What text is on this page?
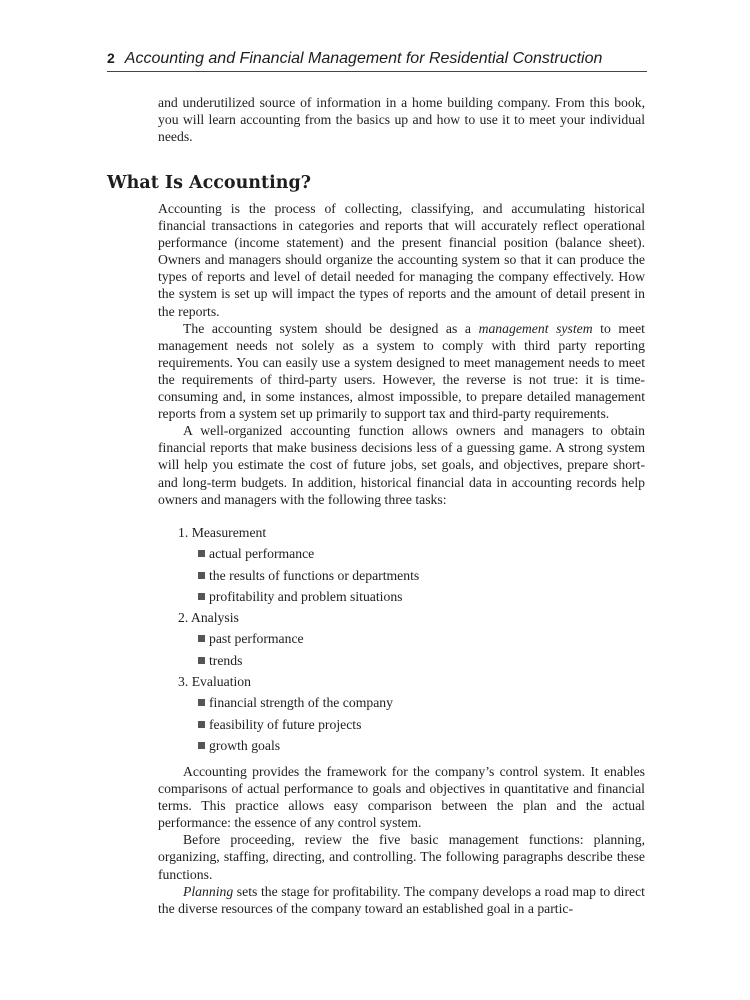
2 Accounting and Financial Management for Residential Construction

and underutilized source of information in a home building company. From this book, you will learn accounting from the basics up and how to use it to meet your individual needs.

What Is Accounting?

Accounting is the process of collecting, classifying, and accumulating historical financial transactions in categories and reports that will accurately reflect operational performance (income statement) and the present financial position (balance sheet). Owners and managers should organize the accounting system so that it can produce the types of reports and level of detail needed for managing the company effectively. How the system is set up will impact the types of reports and the amount of detail present in the reports.

The accounting system should be designed as a management system to meet management needs not solely as a system to comply with third party reporting requirements. You can easily use a system designed to meet management needs to meet the requirements of third-party users. However, the reverse is not true: it is time-consuming and, in some instances, almost impossible, to prepare detailed management reports from a system set up primarily to support tax and third-party requirements.

A well-organized accounting function allows owners and managers to obtain financial reports that make business decisions less of a guessing game. A strong system will help you estimate the cost of future jobs, set goals, and objectives, prepare short- and long-term budgets. In addition, historical financial data in accounting records help owners and managers with the following three tasks:

1. Measurement
actual performance
the results of functions or departments
profitability and problem situations
2. Analysis
past performance
trends
3. Evaluation
financial strength of the company
feasibility of future projects
growth goals

Accounting provides the framework for the company’s control system. It enables comparisons of actual performance to goals and objectives in quantitative and financial terms. This practice allows easy comparison between the plan and the actual performance: the essence of any control system.

Before proceeding, review the five basic management functions: planning, organizing, staffing, directing, and controlling. The following paragraphs describe these functions.

Planning sets the stage for profitability. The company develops a road map to direct the diverse resources of the company toward an established goal in a partic-
